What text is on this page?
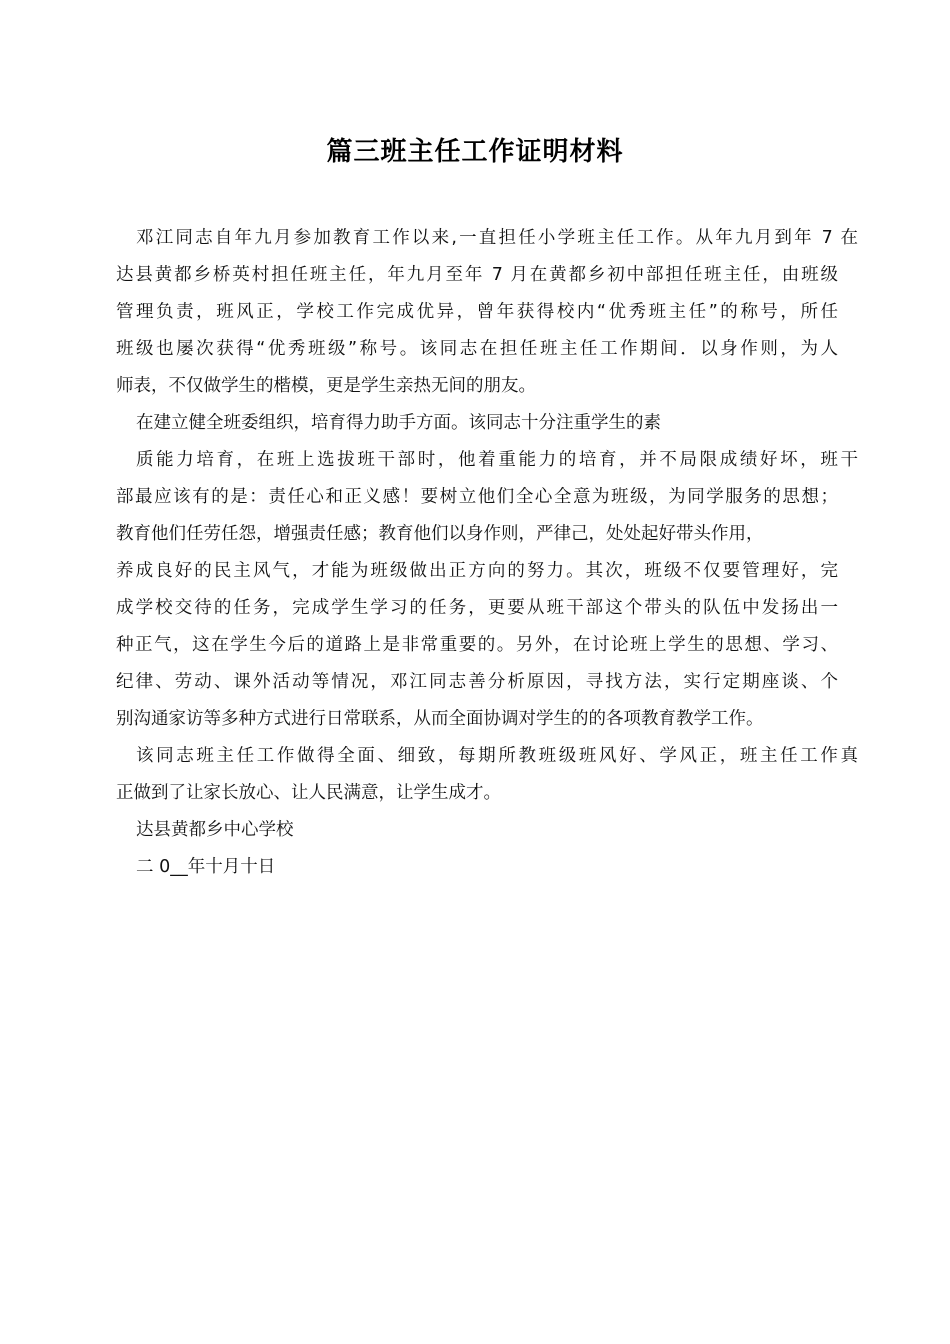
篇三班主任工作证明材料
邓江同志自年九月参加教育工作以来,一直担任小学班主任工作。从年九月到年 7 在
达县黄都乡桥英村担任班主任，年九月至年 7 月在黄都乡初中部担任班主任，由班级
管理负责，班风正，学校工作完成优异，曾年获得校内“优秀班主任”的称号，所任
班级也屡次获得“优秀班级”称号。该同志在担任班主任工作期间．以身作则，为人
师表，不仅做学生的楷模，更是学生亲热无间的朋友。
在建立健全班委组织，培育得力助手方面。该同志十分注重学生的素
质能力培育，在班上选拔班干部时，他着重能力的培育，并不局限成绩好坏，班干
部最应该有的是：责任心和正义感！要树立他们全心全意为班级，为同学服务的思想；
教育他们任劳任怨，增强责任感；教育他们以身作则，严律己，处处起好带头作用，
养成良好的民主风气，才能为班级做出正方向的努力。其次，班级不仅要管理好，完
成学校交待的任务，完成学生学习的任务，更要从班干部这个带头的队伍中发扬出一
种正气，这在学生今后的道路上是非常重要的。另外，在讨论班上学生的思想、学习、
纪律、劳动、课外活动等情况，邓江同志善分析原因，寻找方法，实行定期座谈、个
别沟通家访等多种方式进行日常联系，从而全面协调对学生的的各项教育教学工作。
该同志班主任工作做得全面、细致，每期所教班级班风好、学风正，班主任工作真
正做到了让家长放心、让人民满意，让学生成才。
达县黄都乡中心学校
二 0__年十月十日
